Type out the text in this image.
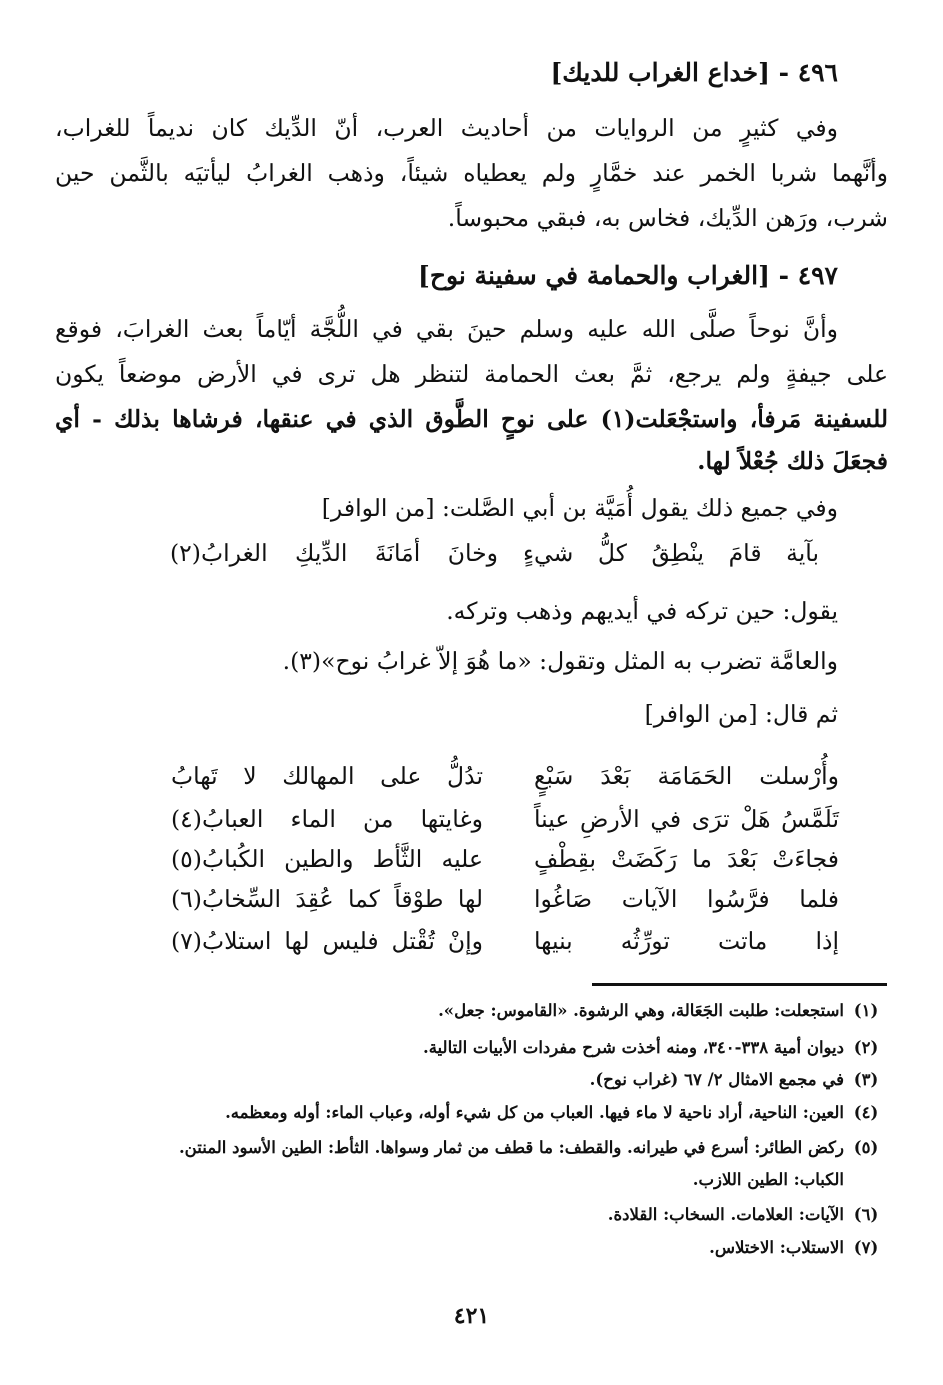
٤٩٦ - [خداع الغراب للديك]
وفي كثيرٍ من الروايات من أحاديث العرب، أنّ الدِّيك كان نديماً للغراب،
وأنَّهما شربا الخمر عند خمَّارٍ ولم يعطياه شيئاً، وذهب الغرابُ ليأتيَه بالثَّمن حين
شرب، ورَهن الدِّيك، فخاس به، فبقي محبوساً.
٤٩٧ - [الغراب والحمامة في سفينة نوح]
وأنَّ نوحاً صلَّى الله عليه وسلم حينَ بقي في اللُّجَّة أيّاماً بعث الغرابَ، فوقع
على جيفةٍ ولم يرجع، ثمَّ بعث الحمامة لتنظر هل ترى في الأرض موضعاً يكون
للسفينة مَرفأ، واستجْعَلت(١) على نوحٍ الطَّوق الذي في عنقها، فرشاها بذلك - أي
فجعَلَ ذلك جُعْلاً لها.
وفي جميع ذلك يقول أُمَيَّة بن أبي الصَّلت: [من الوافر]
بآية قامَ ينْطِقُ كلُّ شيءٍ
وخانَ أمَانَةَ الدِّيكِ الغرابُ(٢)
يقول: حين تركه في أيديهم وذهب وتركه.
والعامَّة تضرب به المثل وتقول: «ما هُوَ إلاّ غرابُ نوح»(٣).
ثم قال: [من الوافر]
وأُرْسلت الحَمَامَة بَعْدَ سَبْعٍ
تدُلُّ على المهالك لا تَهابُ
تَلَمَّسُ هَلْ ترَى في الأرضِ عيناً
وغايتها من الماء العبابُ(٤)
فجاءَتْ بَعْدَ ما رَكَضَتْ بقِطْفٍ
عليه الثَّأط والطين الكُبابُ(٥)
فلما فرَّسُوا الآيات صَاغُوا
لها طوْقاً كما عُقِدَ السِّخابُ(٦)
إذا ماتت تورِّثُه بنيها
وإنْ تُقْتل فليس لها استلابُ(٧)
(١)استجعلت: طلبت الجَعَالة، وهي الرشوة. «القاموس: جعل».
(٢)ديوان أمية ٣٣٨-٣٤٠، ومنه أخذت شرح مفردات الأبيات التالية.
(٣)في مجمع الامثال ٢/ ٦٧ (غراب نوح).
(٤)العين: الناحية، أراد ناحية لا ماء فيها. العباب من كل شيء أوله، وعباب الماء: أوله ومعظمه.
(٥)ركض الطائر: أسرع في طيرانه. والقطف: ما قطف من ثمار وسواها. الثأط: الطين الأسود المنتن.
الكباب: الطين اللازب.
(٦)الآيات: العلامات. السخاب: القلادة.
(٧)الاستلاب: الاختلاس.
٤٢١
